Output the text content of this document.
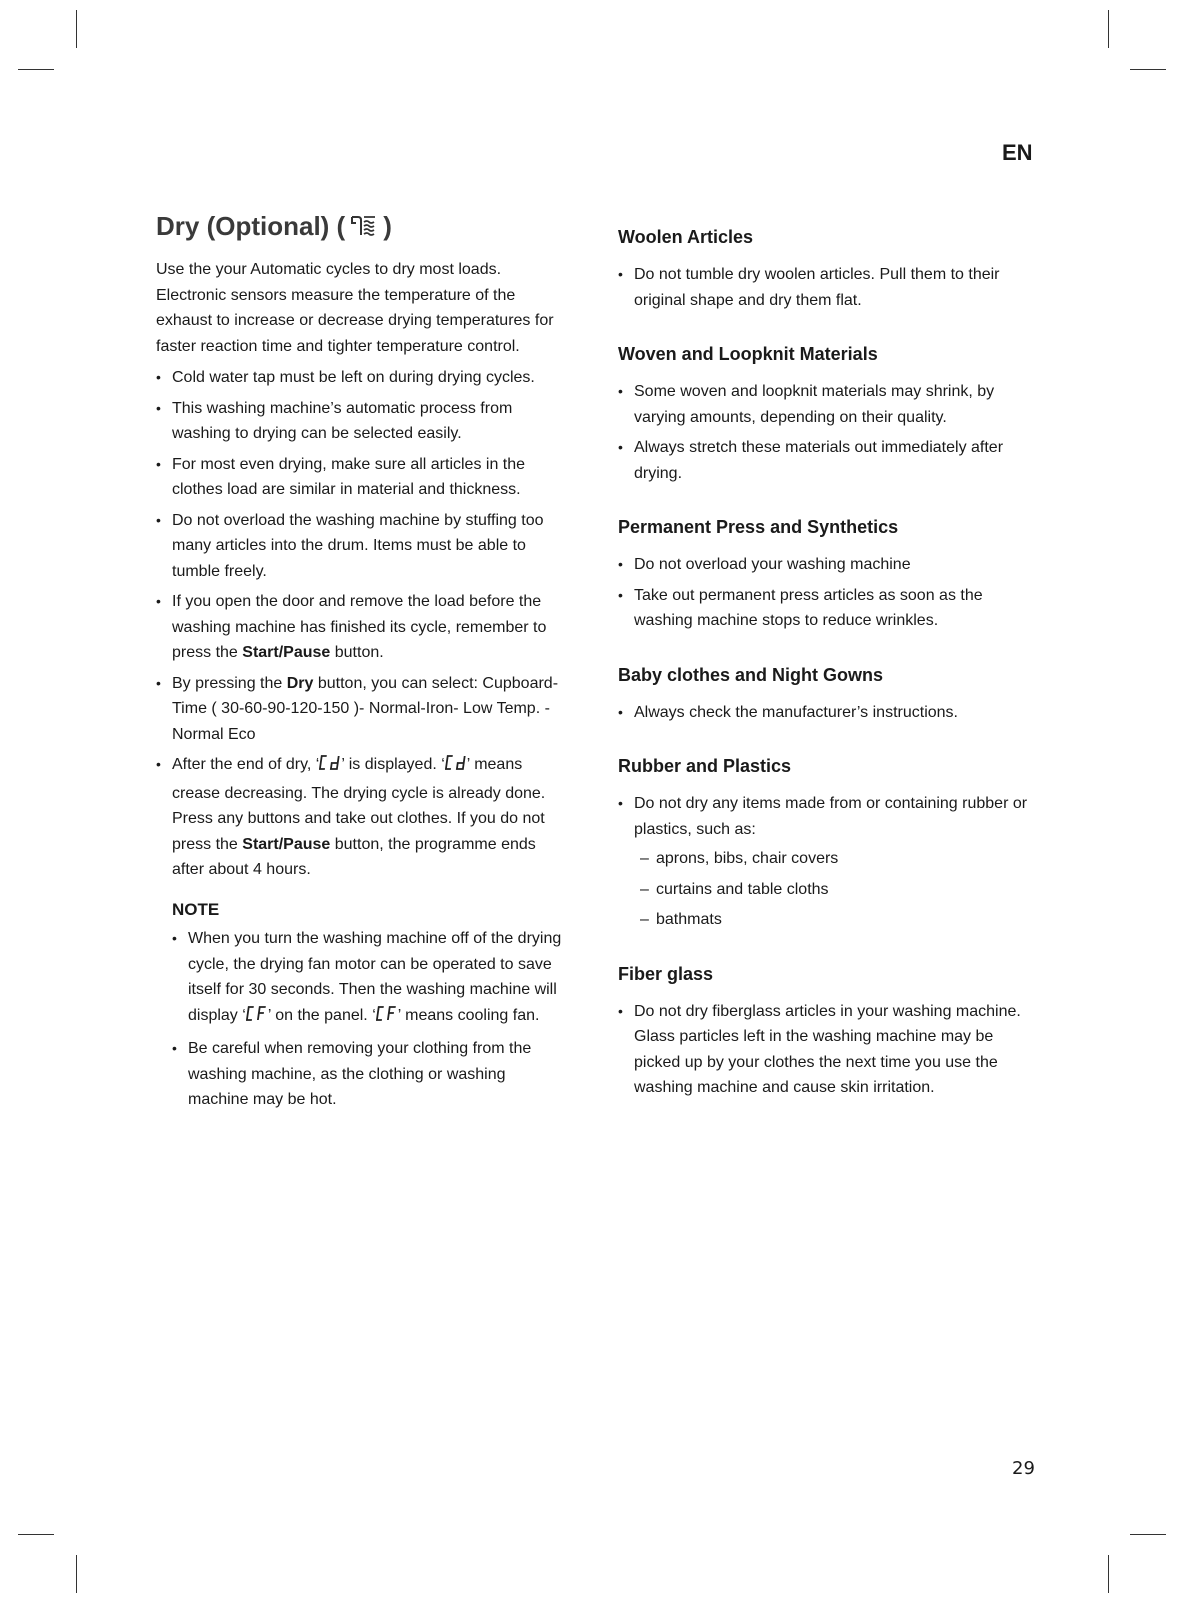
EN
Dry (Optional) ( )

Use the your Automatic cycles to dry most loads. Electronic sensors measure the temperature of the exhaust to increase or decrease drying temperatures for faster reaction time and tighter temperature control.

• Cold water tap must be left on during drying cycles.
• This washing machine’s automatic process from washing to drying can be selected easily.
• For most even drying, make sure all articles in the clothes load are similar in material and thickness.
• Do not overload the washing machine by stuffing too many articles into the drum. Items must be able to tumble freely.
• If you open the door and remove the load before the washing machine has finished its cycle, remember to press the Start/Pause button.
• By pressing the Dry button, you can select: Cupboard-Time ( 30-60-90-120-150 )- Normal-Iron- Low Temp. -Normal Eco
• After the end of dry, ‘ ’ is displayed. ‘ ’ means crease decreasing. The drying cycle is already done. Press any buttons and take out clothes. If you do not press the Start/Pause button, the programme ends after about 4 hours.
NOTE
• When you turn the washing machine off of the drying cycle, the drying fan motor can be operated to save itself for 30 seconds. Then the washing machine will display ‘ ’ on the panel. ‘ ’ means cooling fan.
• Be careful when removing your clothing from the washing machine, as the clothing or washing machine may be hot.
Woolen Articles
• Do not tumble dry woolen articles. Pull them to their original shape and dry them flat.
Woven and Loopknit Materials
• Some woven and loopknit materials may shrink, by varying amounts, depending on their quality.
• Always stretch these materials out immediately after drying.
Permanent Press and Synthetics
• Do not overload your washing machine
• Take out permanent press articles as soon as the washing machine stops to reduce wrinkles.
Baby clothes and Night Gowns
• Always check the manufacturer’s instructions.
Rubber and Plastics
• Do not dry any items made from or containing rubber or plastics, such as:
– aprons, bibs, chair covers
– curtains and table cloths
– bathmats
Fiber glass
• Do not dry fiberglass articles in your washing machine. Glass particles left in the washing machine may be picked up by your clothes the next time you use the washing machine and cause skin irritation.
29
